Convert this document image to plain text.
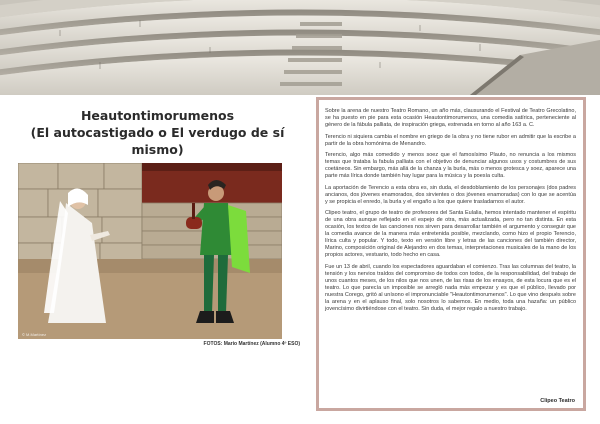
Heautontimorumenos
(El autocastigado o El verdugo de sí mismo)
© M.Martínez
FOTOS: Mario Martínez (Alumno 4º ESO)

Sobre la arena de nuestro Teatro Romano, un año más, clausurando el Festival de Teatro Grecolatino, se ha puesto en pie para esta ocasión Heautontimorumenos, una comedia satírica, perteneciente al género de la fábula palliata, de inspiración griega, estrenada en torno al año 163 a. C.

Terencio ni siquiera cambia el nombre en griego de la obra y no tiene rubor en admitir que la escribe a partir de la obra homónima de Menandro.

Terencio, algo más comedido y menos soez que el famosísimo Plauto, no renuncia a los mismos temas que trataba la fabula palliata con el objetivo de denunciar algunos usos y costumbres de sus coetáneos. Sin embargo, más allá de la chanza y la burla, más o menos grotesca y soez, aparece una parte más lírica donde también hay lugar para la música y la poesía culta.

La aportación de Terencio a esta obra es, sin duda, el desdoblamiento de los personajes (dos padres ancianos, dos jóvenes enamorados, dos sirvientes o dos jóvenes enamoradas) con lo que se acentúa y se propicia el enredo, la burla y el engaño a los que quiere trasladarnos el autor.

Clipeo teatro, el grupo de teatro de profesores del Santa Eulalia, hemos intentado mantener el espíritu de una obra aunque reflejado en el espejo de otra, más actualizada, pero no tan distinta. En esta ocasión, los textos de las canciones nos sirven para desarrollar también el argumento y conseguir que la comedia avance de la manera más entretenida posible, mezclando, como hizo el propio Terencio, lírica culta y popular. Y todo, texto en versión libre y letras de las canciones del también director, Marino, composición original de Alejandro en dos temas, interpretaciones musicales de la mano de los propios actores, vestuario, todo hecho en casa.

Fue un 13 de abril, cuando los espectadores aguardaban el comienzo. Tras las columnas del teatro, la tensión y los nervios traídos del compromiso de todos con todos, de la responsabilidad, del trabajo de unos cuantos meses, de los nilos que nos unen, de las risas de los ensayos, de esta locura que es el teatro. Lo que parecía un imposible se arregló nada más empezar y es que el público, llevado por nuestra Corego, gritó al unísono el impronunciable "Heautontimorumenos". Lo que vino después sobre la arena y en el aplauso final, solo nosotros lo sabemos. En medio, toda una hazaña: un público jovencísimo divirtiéndose con el teatro. Sin duda, el mejor regalo a nuestro trabajo.

Clipeo Teatro
